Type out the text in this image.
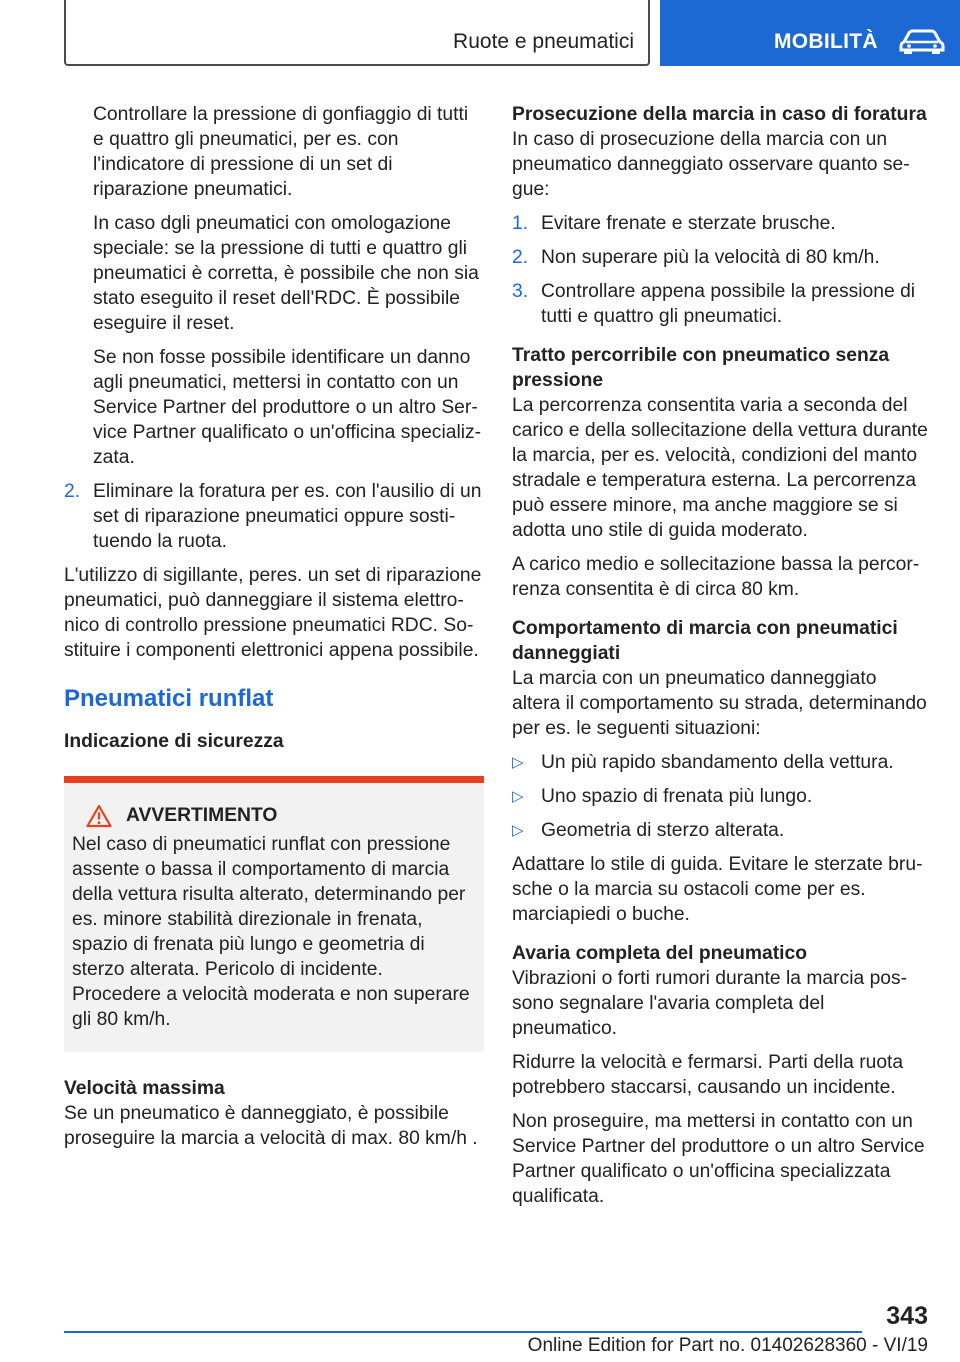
Ruote e pneumatici	MOBILITÀ

Controllare la pressione di gonfiaggio di tutti e quattro gli pneumatici, per es. con l'indicatore di pressione di un set di riparazione pneumatici.

In caso dgli pneumatici con omologazione speciale: se la pressione di tutti e quattro gli pneumatici è corretta, è possibile che non sia stato eseguito il reset dell'RDC. È possibile eseguire il reset.

Se non fosse possibile identificare un danno agli pneumatici, mettersi in contatto con un Service Partner del produttore o un altro Service Partner qualificato o un'officina specializzata.

2. Eliminare la foratura per es. con l'ausilio di un set di riparazione pneumatici oppure sostituendo la ruota.

L'utilizzo di sigillante, peres. un set di riparazione pneumatici, può danneggiare il sistema elettronico di controllo pressione pneumatici RDC. Sostituire i componenti elettronici appena possibile.

Pneumatici runflat

Indicazione di sicurezza

AVVERTIMENTO

Nel caso di pneumatici runflat con pressione assente o bassa il comportamento di marcia della vettura risulta alterato, determinando per es. minore stabilità direzionale in frenata, spazio di frenata più lungo e geometria di sterzo alterata. Pericolo di incidente. Procedere a velocità moderata e non superare gli 80 km/h.

Velocità massima

Se un pneumatico è danneggiato, è possibile proseguire la marcia a velocità di max. 80 km/h .

Prosecuzione della marcia in caso di foratura

In caso di prosecuzione della marcia con un pneumatico danneggiato osservare quanto segue:

1. Evitare frenate e sterzate brusche.
2. Non superare più la velocità di 80 km/h.
3. Controllare appena possibile la pressione di tutti e quattro gli pneumatici.

Tratto percorribile con pneumatico senza pressione

La percorrenza consentita varia a seconda del carico e della sollecitazione della vettura durante la marcia, per es. velocità, condizioni del manto stradale e temperatura esterna. La percorrenza può essere minore, ma anche maggiore se si adotta uno stile di guida moderato.

A carico medio e sollecitazione bassa la percorrenza consentita è di circa 80 km.

Comportamento di marcia con pneumatici danneggiati

La marcia con un pneumatico danneggiato altera il comportamento su strada, determinando per es. le seguenti situazioni:

▷ Un più rapido sbandamento della vettura.
▷ Uno spazio di frenata più lungo.
▷ Geometria di sterzo alterata.

Adattare lo stile di guida. Evitare le sterzate brusche o la marcia su ostacoli come per es. marciapiedi o buche.

Avaria completa del pneumatico

Vibrazioni o forti rumori durante la marcia possono segnalare l'avaria completa del pneumatico.

Ridurre la velocità e fermarsi. Parti della ruota potrebbero staccarsi, causando un incidente.

Non proseguire, ma mettersi in contatto con un Service Partner del produttore o un altro Service Partner qualificato o un'officina specializzata qualificata.

343
Online Edition for Part no. 01402628360 - VI/19
